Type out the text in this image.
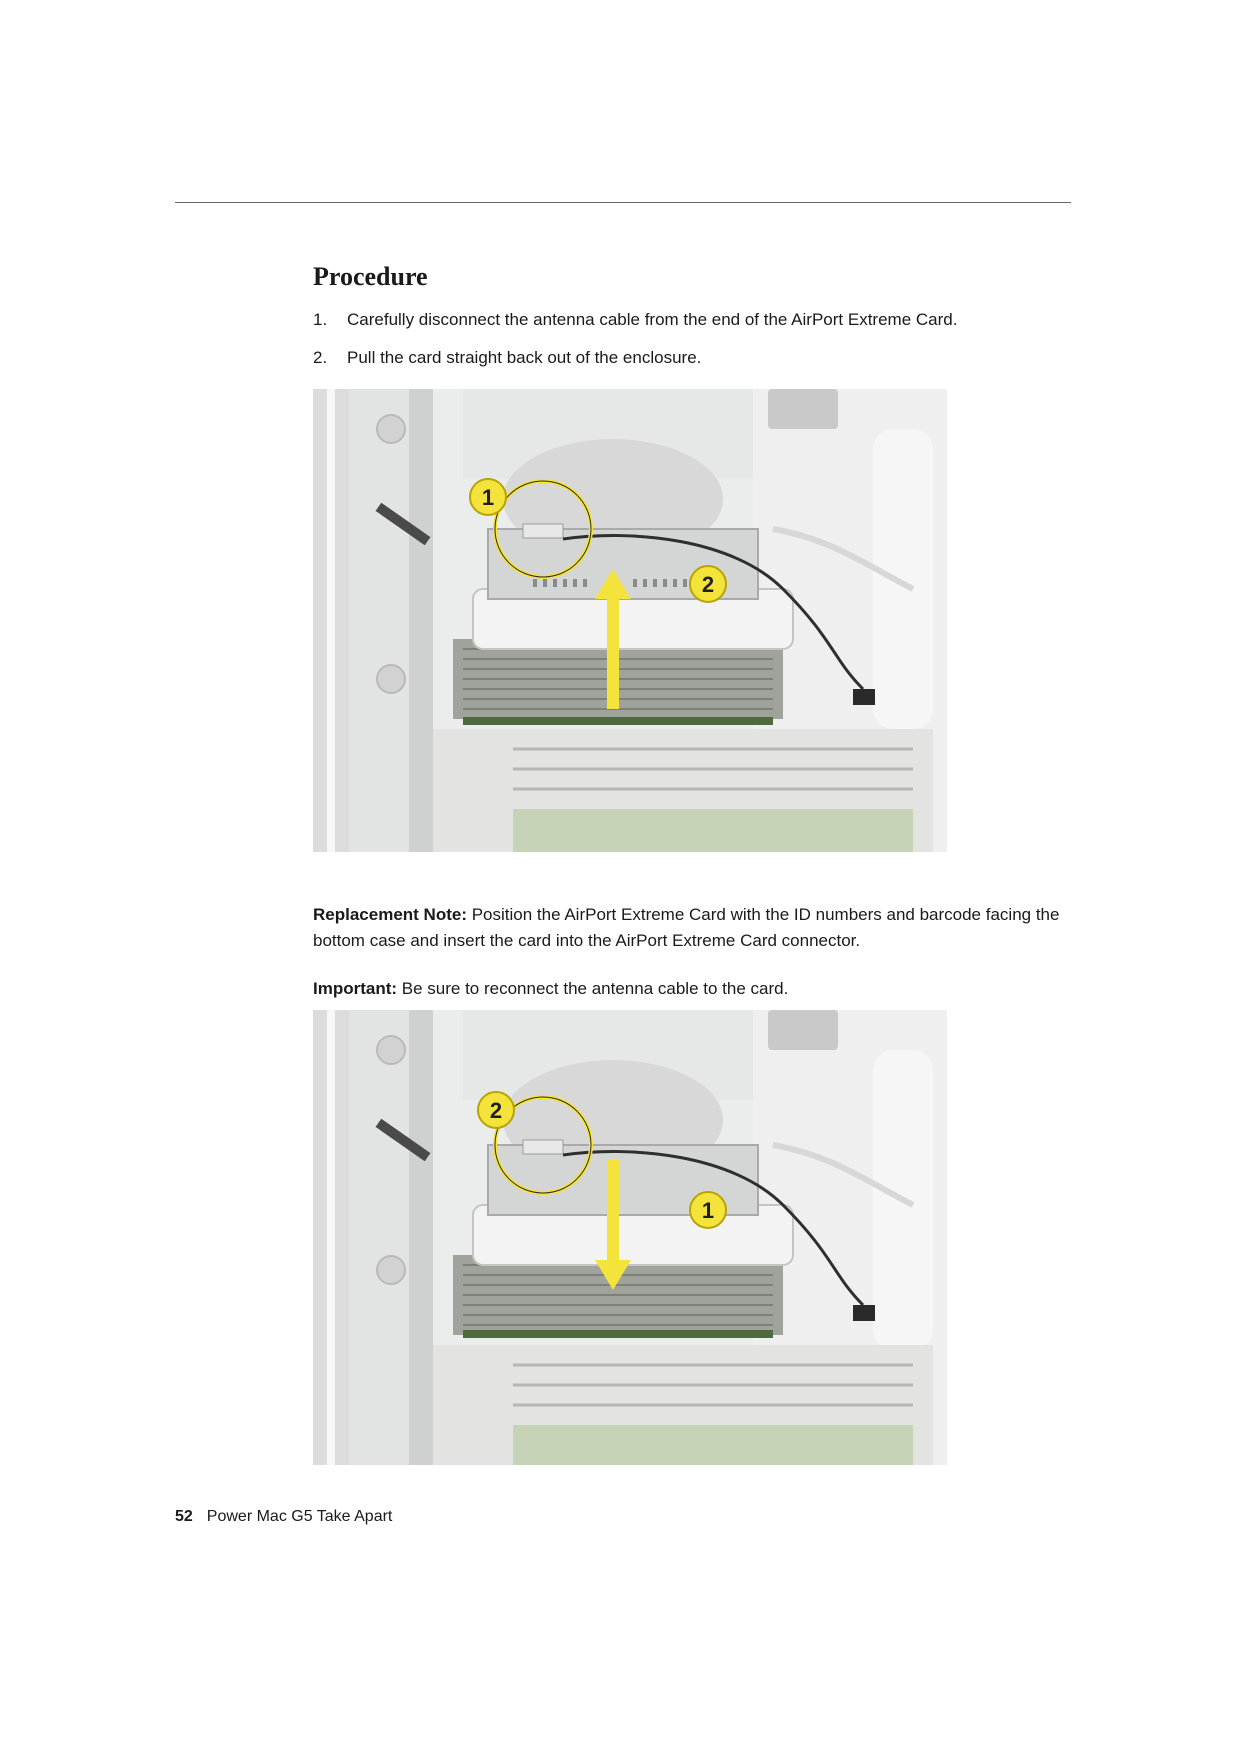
Procedure
1. Carefully disconnect the antenna cable from the end of the AirPort Extreme Card.
2. Pull the card straight back out of the enclosure.
1
2

Replacement Note: Position the AirPort Extreme Card with the ID numbers and barcode facing the bottom case and insert the card into the AirPort Extreme Card connector.

Important: Be sure to reconnect the antenna cable to the card.

2
1
52 Power Mac G5 Take Apart
